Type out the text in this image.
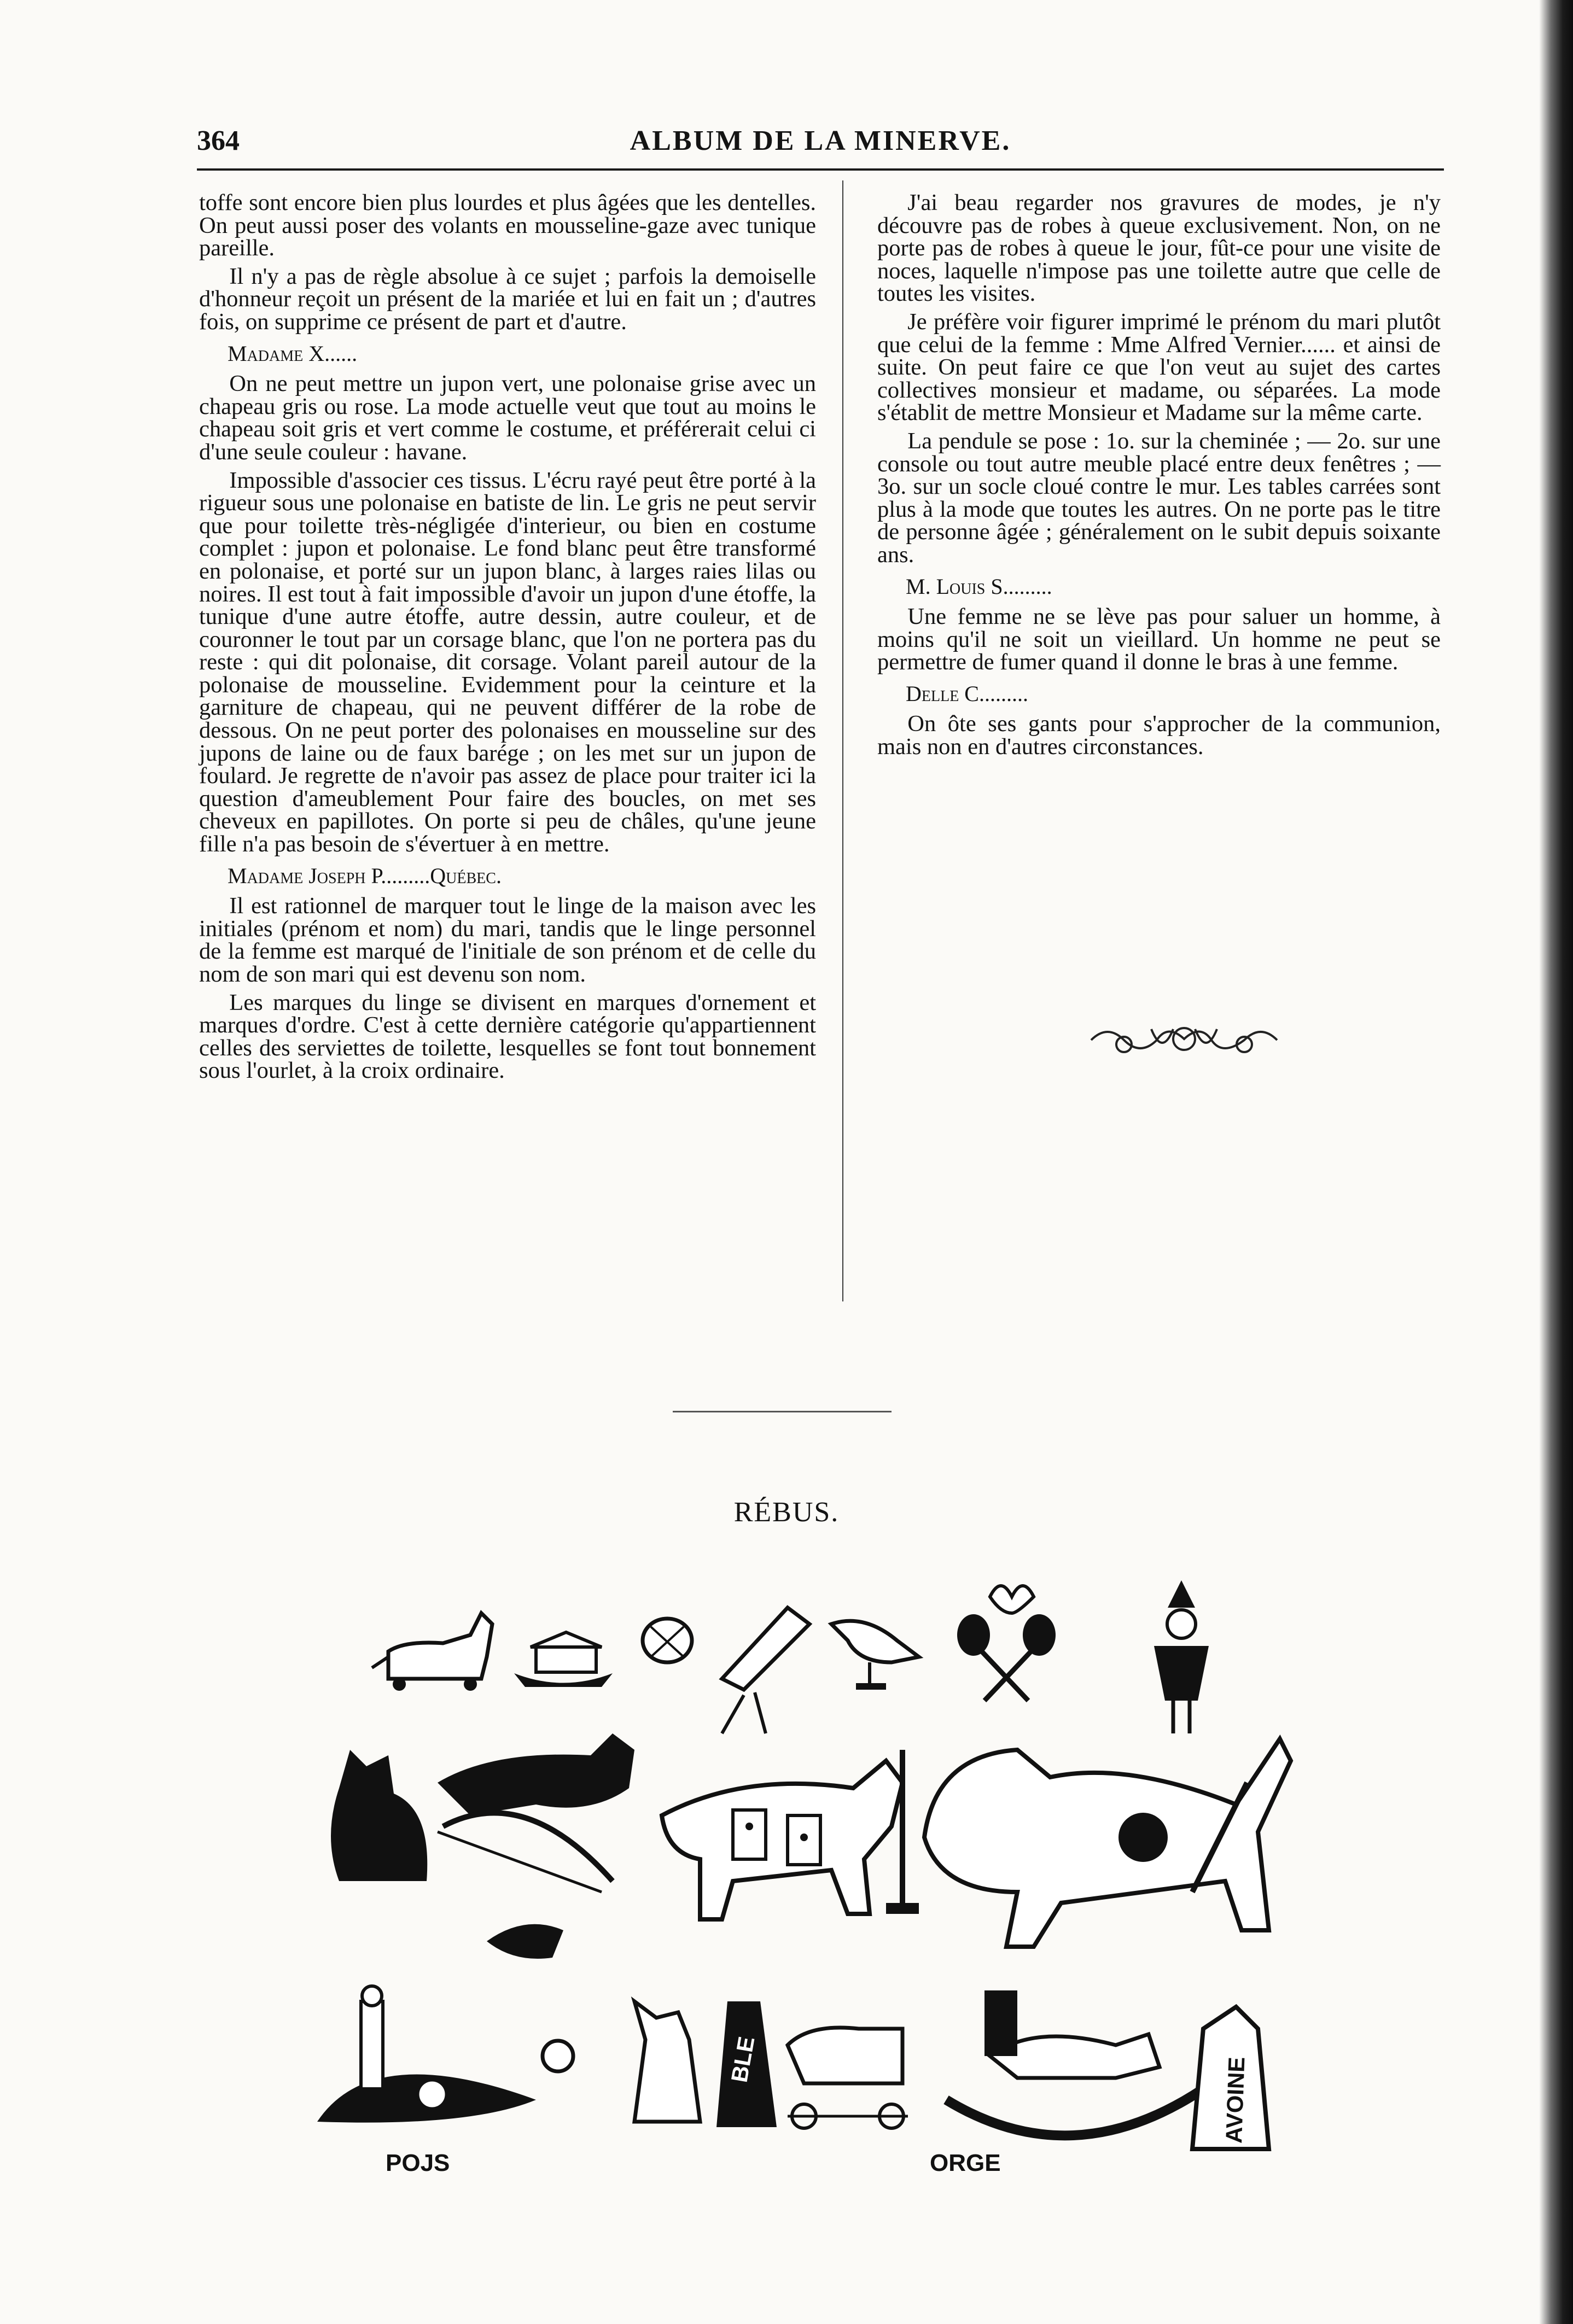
364	ALBUM DE LA MINERVE.

toffe sont encore bien plus lourdes et plus âgées que les dentelles. On peut aussi poser des volants en mousseline-gaze avec tunique pareille.

Il n'y a pas de règle absolue à ce sujet ; parfois la demoiselle d'honneur reçoit un présent de la mariée et lui en fait un ; d'autres fois, on supprime ce présent de part et d'autre.

Madame X......

On ne peut mettre un jupon vert, une polonaise grise avec un chapeau gris ou rose. La mode actuelle veut que tout au moins le chapeau soit gris et vert comme le costume, et préférerait celui ci d'une seule couleur : havane.

Impossible d'associer ces tissus. L'écru rayé peut être porté à la rigueur sous une polonaise en batiste de lin. Le gris ne peut servir que pour toilette très-négligée d'interieur, ou bien en costume complet : jupon et polonaise. Le fond blanc peut être transformé en polonaise, et porté sur un jupon blanc, à larges raies lilas ou noires. Il est tout à fait impossible d'avoir un jupon d'une étoffe, la tunique d'une autre étoffe, autre dessin, autre couleur, et de couronner le tout par un corsage blanc, que l'on ne portera pas du reste : qui dit polonaise, dit corsage. Volant pareil autour de la polonaise de mousseline. Evidemment pour la ceinture et la garniture de chapeau, qui ne peuvent différer de la robe de dessous. On ne peut porter des polonaises en mousseline sur des jupons de laine ou de faux barége ; on les met sur un jupon de foulard. Je regrette de n'avoir pas assez de place pour traiter ici la question d'ameublement Pour faire des boucles, on met ses cheveux en papillotes. On porte si peu de châles, qu'une jeune fille n'a pas besoin de s'évertuer à en mettre.

Madame Joseph P.........Québec.

Il est rationnel de marquer tout le linge de la maison avec les initiales (prénom et nom) du mari, tandis que le linge personnel de la femme est marqué de l'initiale de son prénom et de celle du nom de son mari qui est devenu son nom.

Les marques du linge se divisent en marques d'ornement et marques d'ordre. C'est à cette dernière catégorie qu'appartiennent celles des serviettes de toilette, lesquelles se font tout bonnement sous l'ourlet, à la croix ordinaire.

J'ai beau regarder nos gravures de modes, je n'y découvre pas de robes à queue exclusivement. Non, on ne porte pas de robes à queue le jour, fût-ce pour une visite de noces, laquelle n'impose pas une toilette autre que celle de toutes les visites.

Je préfère voir figurer imprimé le prénom du mari plutôt que celui de la femme : Mme Alfred Vernier...... et ainsi de suite. On peut faire ce que l'on veut au sujet des cartes collectives monsieur et madame, ou séparées. La mode s'établit de mettre Monsieur et Madame sur la même carte.

La pendule se pose : 1o. sur la cheminée ; — 2o. sur une console ou tout autre meuble placé entre deux fenêtres ; — 3o. sur un socle cloué contre le mur. Les tables carrées sont plus à la mode que toutes les autres. On ne porte pas le titre de personne âgée ; généralement on le subit depuis soixante ans.

M. Louis S.........

Une femme ne se lève pas pour saluer un homme, à moins qu'il ne soit un vieillard. Un homme ne peut se permettre de fumer quand il donne le bras à une femme.

Delle C.........

On ôte ses gants pour s'approcher de la communion, mais non en d'autres circonstances.

RÉBUS.
POJS
BLE
ORGE
AVOINE
